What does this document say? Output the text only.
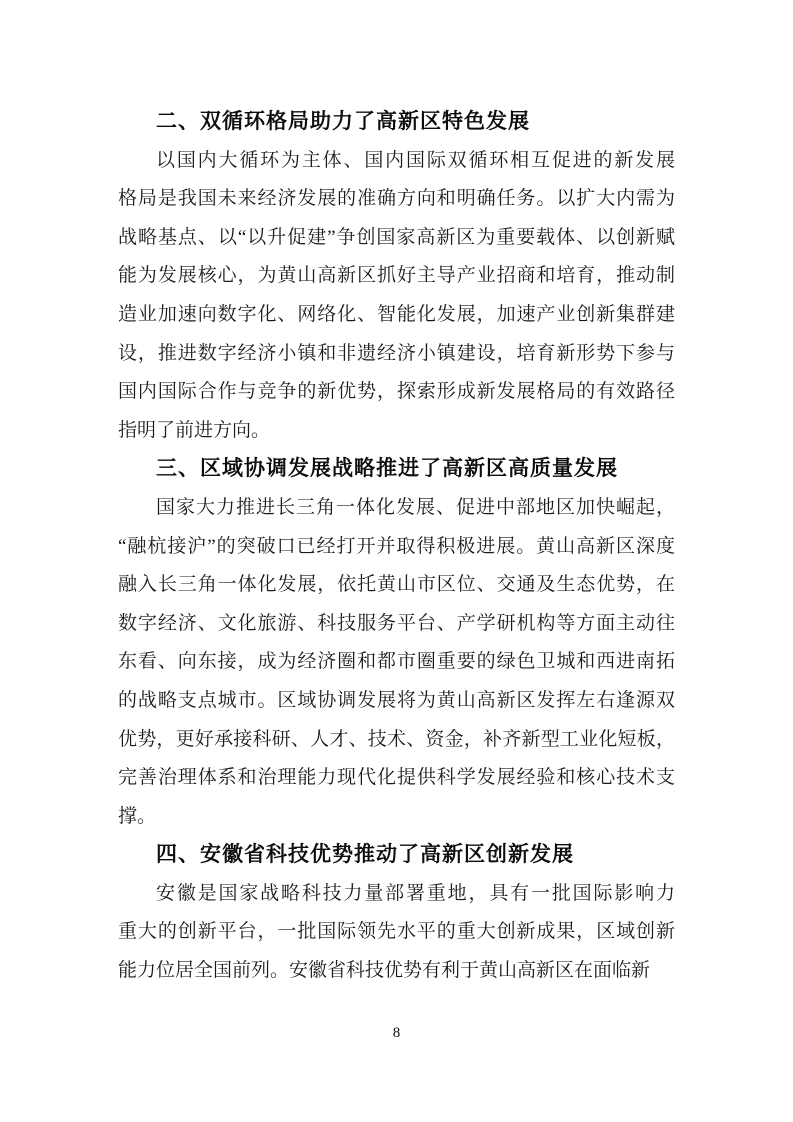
二、双循环格局助力了高新区特色发展

以国内大循环为主体、国内国际双循环相互促进的新发展
格局是我国未来经济发展的准确方向和明确任务。以扩大内需为
战略基点、以“以升促建”争创国家高新区为重要载体、以创新赋
能为发展核心，为黄山高新区抓好主导产业招商和培育，推动制
造业加速向数字化、网络化、智能化发展，加速产业创新集群建
设，推进数字经济小镇和非遗经济小镇建设，培育新形势下参与
国内国际合作与竞争的新优势，探索形成新发展格局的有效路径
指明了前进方向。

三、区域协调发展战略推进了高新区高质量发展

国家大力推进长三角一体化发展、促进中部地区加快崛起，
“融杭接沪”的突破口已经打开并取得积极进展。黄山高新区深度
融入长三角一体化发展，依托黄山市区位、交通及生态优势，在
数字经济、文化旅游、科技服务平台、产学研机构等方面主动往
东看、向东接，成为经济圈和都市圈重要的绿色卫城和西进南拓
的战略支点城市。区域协调发展将为黄山高新区发挥左右逢源双
优势，更好承接科研、人才、技术、资金，补齐新型工业化短板，
完善治理体系和治理能力现代化提供科学发展经验和核心技术支
撑。

四、安徽省科技优势推动了高新区创新发展

安徽是国家战略科技力量部署重地，具有一批国际影响力
重大的创新平台，一批国际领先水平的重大创新成果，区域创新
能力位居全国前列。安徽省科技优势有利于黄山高新区在面临新

8
